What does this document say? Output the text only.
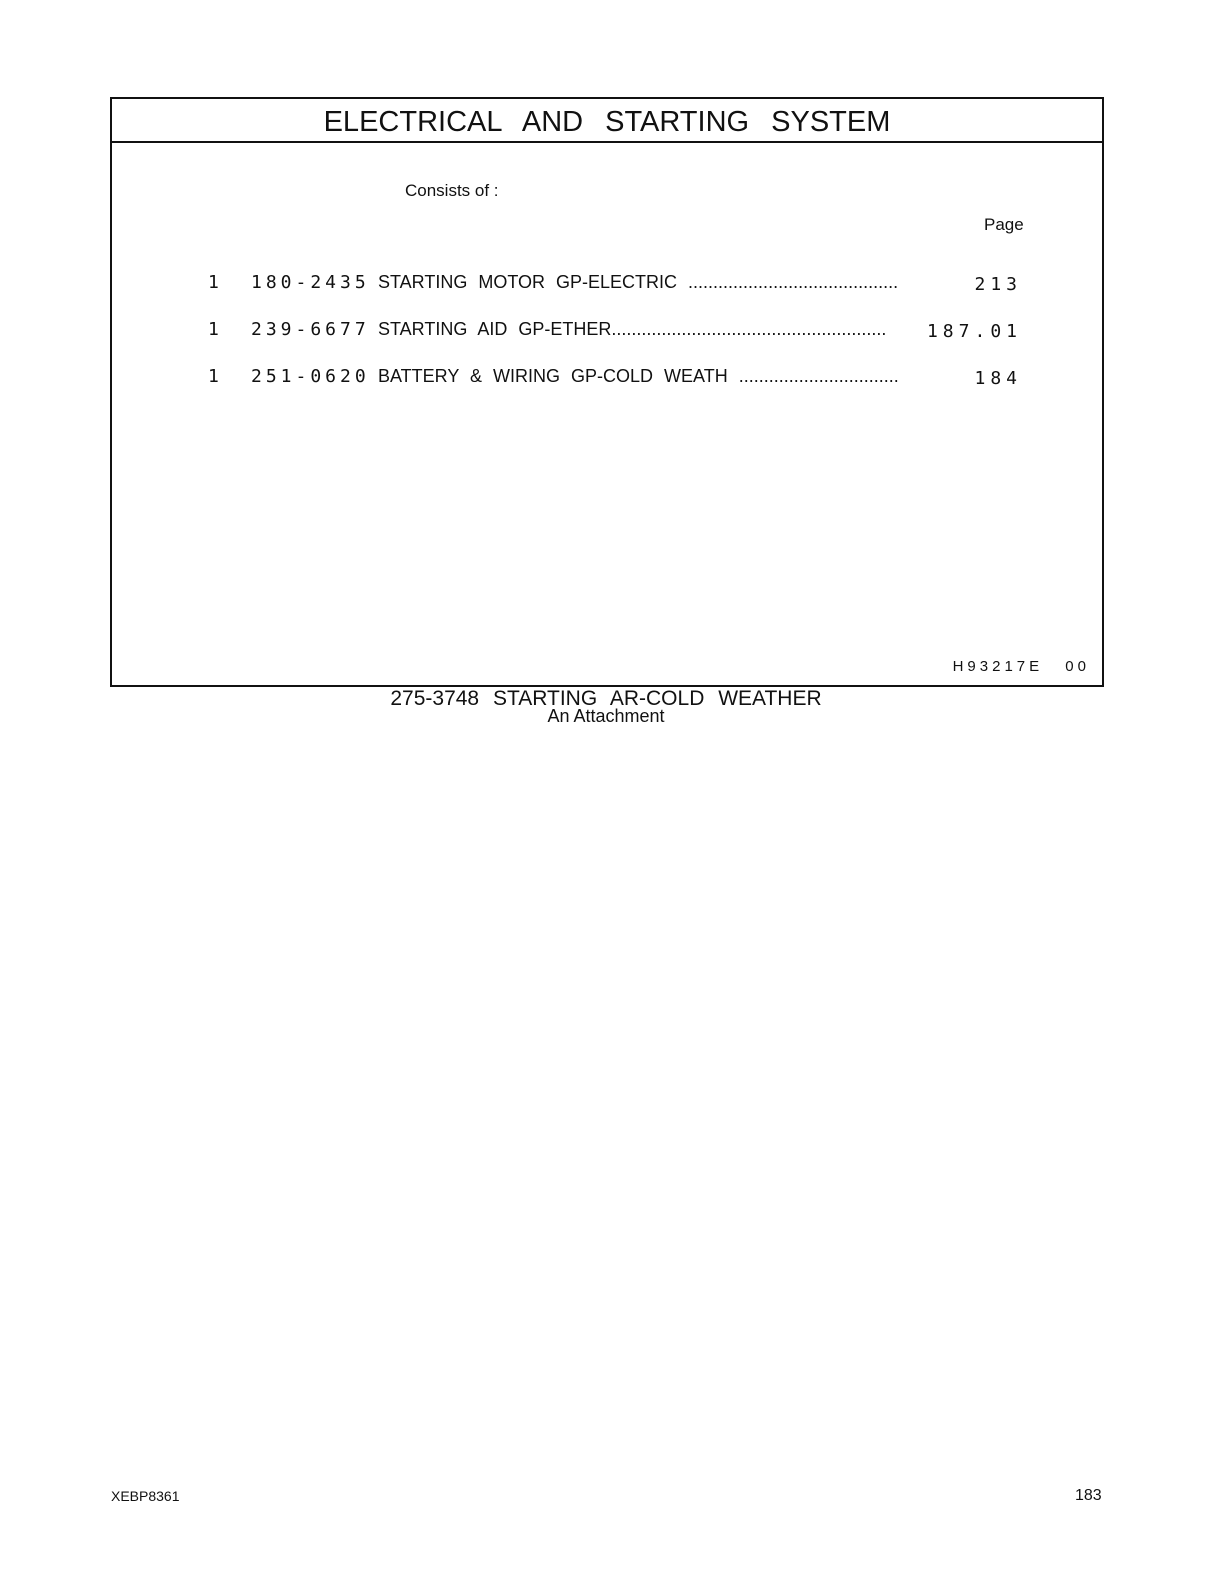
ELECTRICAL AND STARTING SYSTEM
Consists of :
Page
1 180-2435 STARTING MOTOR GP-ELECTRIC ..........................................	213
1 239-6677 STARTING AID GP-ETHER.......................................................	187.01
1 251-0620 BATTERY & WIRING GP-COLD WEATH ................................	184
H93217E 00
275-3748 STARTING AR-COLD WEATHER
An Attachment
XEBP8361	183
